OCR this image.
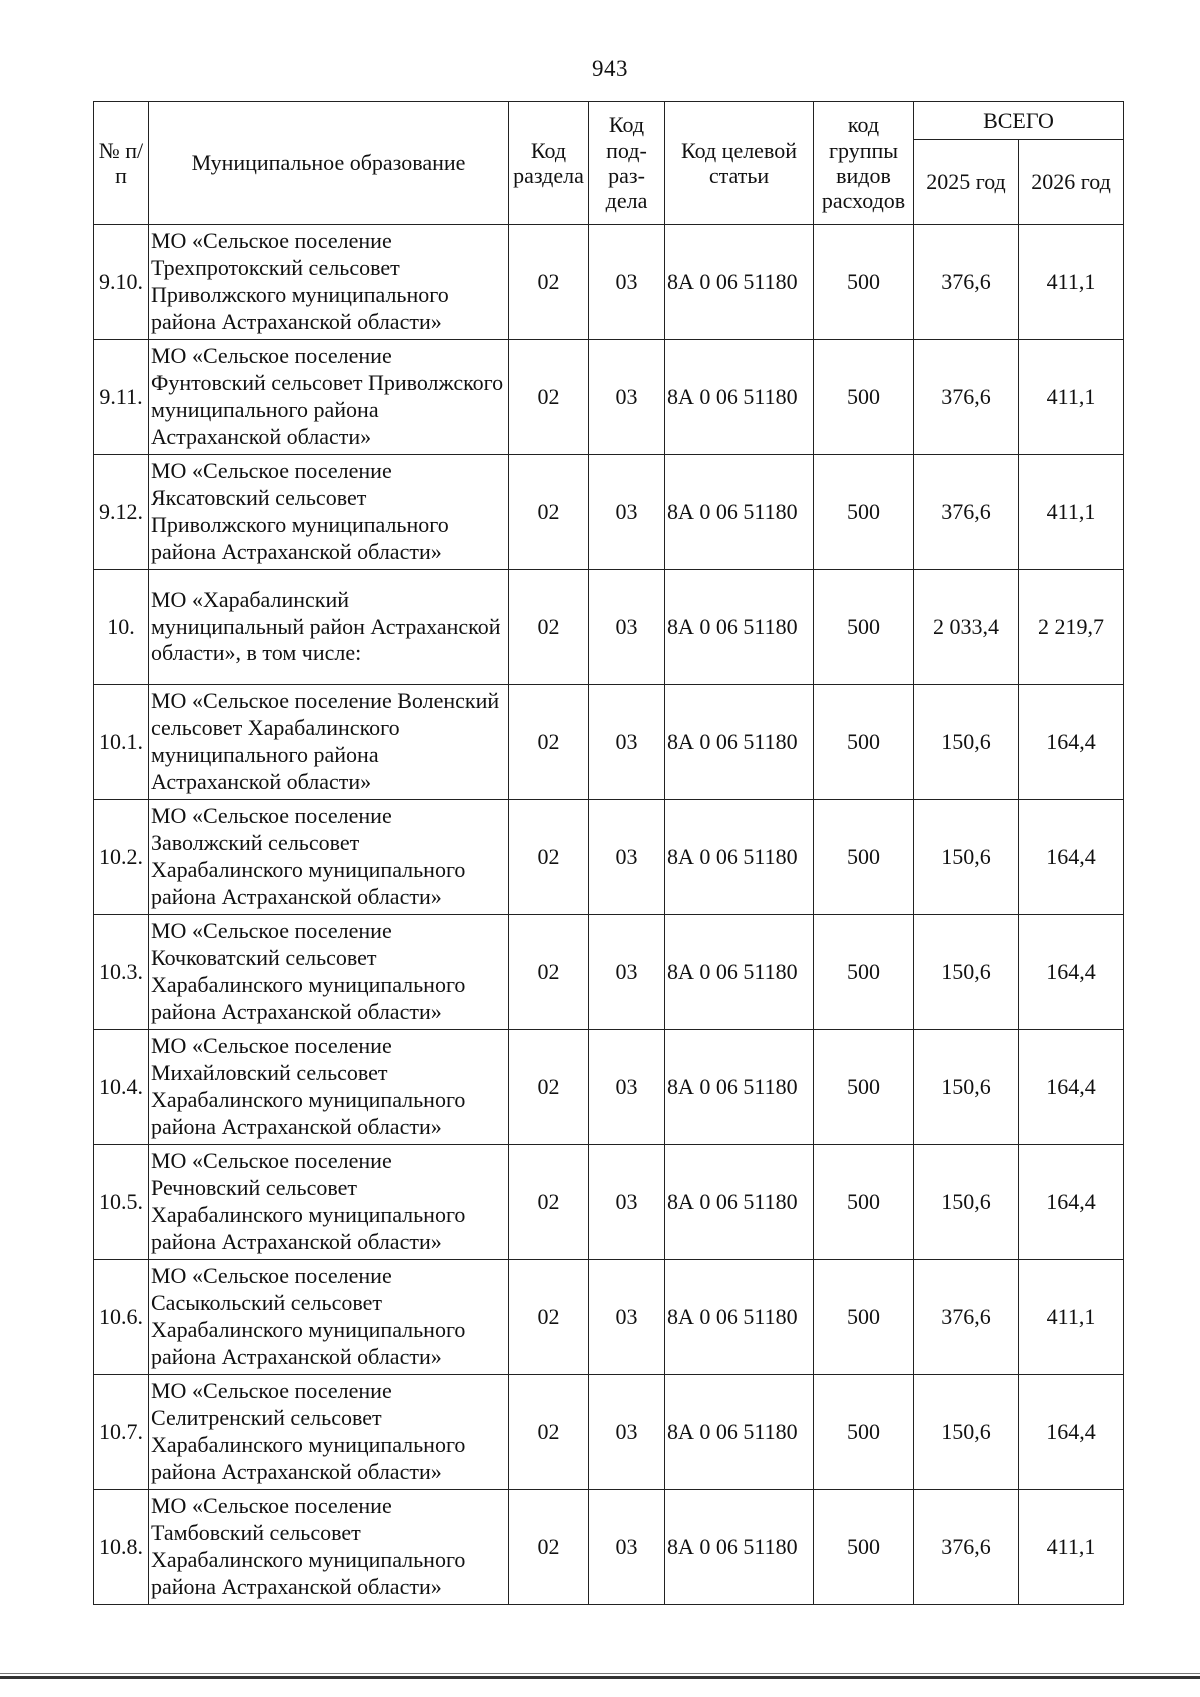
943
№ п/п	Муниципальное образование	Код раздела	Код под-раз-дела	Код целевой статьи	код группы видов расходов	ВСЕГО	
						2025 год	2026 год
9.10.	МО «Сельское поселение Трехпротокский сельсовет Приволжского муниципального района Астраханской области»	02	03	8А 0 06 51180	500	376,6	411,1
9.11.	МО «Сельское поселение Фунтовский сельсовет Приволжского муниципального района Астраханской области»	02	03	8А 0 06 51180	500	376,6	411,1
9.12.	МО «Сельское поселение Яксатовский сельсовет Приволжского муниципального района Астраханской области»	02	03	8А 0 06 51180	500	376,6	411,1
10.	МО «Харабалинский муниципальный район Астраханской области», в том числе:	02	03	8А 0 06 51180	500	2 033,4	2 219,7
10.1.	МО «Сельское поселение Воленский сельсовет Харабалинского муниципального района Астраханской области»	02	03	8А 0 06 51180	500	150,6	164,4
10.2.	МО «Сельское поселение Заволжский сельсовет Харабалинского муниципального района Астраханской области»	02	03	8А 0 06 51180	500	150,6	164,4
10.3.	МО «Сельское поселение Кочковатский сельсовет Харабалинского муниципального района Астраханской области»	02	03	8А 0 06 51180	500	150,6	164,4
10.4.	МО «Сельское поселение Михайловский сельсовет Харабалинского муниципального района Астраханской области»	02	03	8А 0 06 51180	500	150,6	164,4
10.5.	МО «Сельское поселение Речновский сельсовет Харабалинского муниципального района Астраханской области»	02	03	8А 0 06 51180	500	150,6	164,4
10.6.	МО «Сельское поселение Сасыкольский сельсовет Харабалинского муниципального района Астраханской области»	02	03	8А 0 06 51180	500	376,6	411,1
10.7.	МО «Сельское поселение Селитренский сельсовет Харабалинского муниципального района Астраханской области»	02	03	8А 0 06 51180	500	150,6	164,4
10.8.	МО «Сельское поселение Тамбовский сельсовет Харабалинского муниципального района Астраханской области»	02	03	8А 0 06 51180	500	376,6	411,1
